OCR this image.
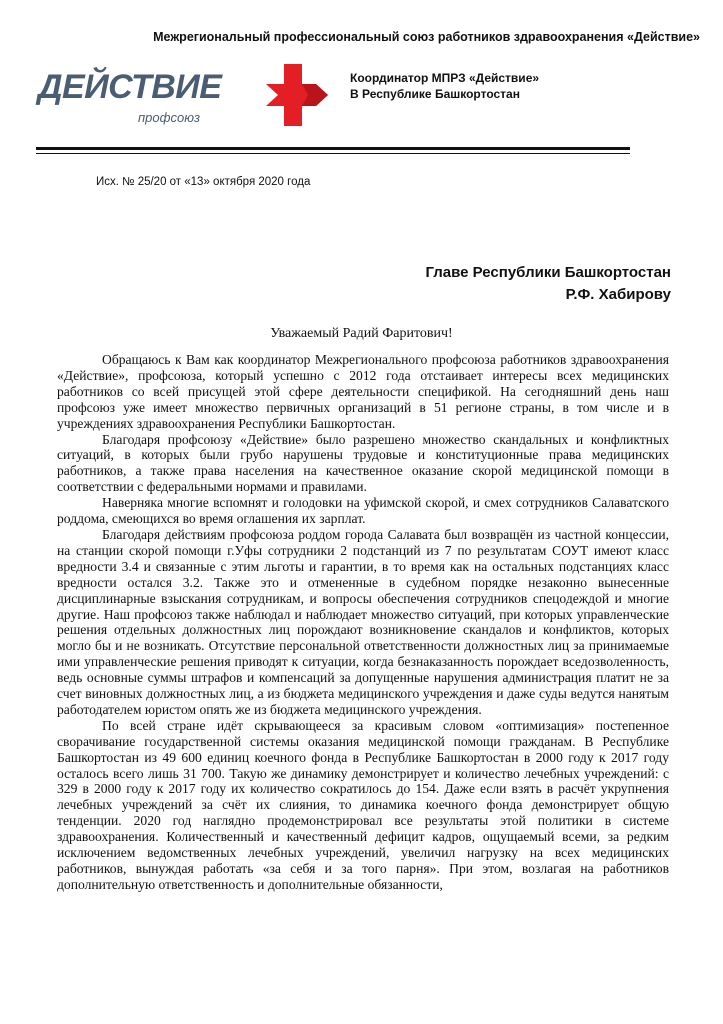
Межрегиональный профессиональный союз работников здравоохранения «Действие»
ДЕЙСТВИЕ
профсоюз
Координатор МПРЗ «Действие»
В Республике Башкортостан
Исх. № 25/20 от «13» октября 2020 года
Главе Республики Башкортостан
Р.Ф. Хабирову
Уважаемый Радий Фаритович!

Обращаюсь к Вам как координатор Межрегионального профсоюза работников здравоохранения «Действие», профсоюза, который успешно с 2012 года отстаивает интересы всех медицинских работников со всей присущей этой сфере деятельности спецификой. На сегодняшний день наш профсоюз уже имеет множество первичных организаций в 51 регионе страны, в том числе и в учреждениях здравоохранения Республики Башкортостан.

Благодаря профсоюзу «Действие» было разрешено множество скандальных и конфликтных ситуаций, в которых были грубо нарушены трудовые и конституционные права медицинских работников, а также права населения на качественное оказание скорой медицинской помощи в соответствии с федеральными нормами и правилами.

Наверняка многие вспомнят и голодовки на уфимской скорой, и смех сотрудников Салаватского роддома, смеющихся во время оглашения их зарплат.

Благодаря действиям профсоюза роддом города Салавата был возвращён из частной концессии, на станции скорой помощи г.Уфы сотрудники 2 подстанций из 7 по результатам СОУТ имеют класс вредности 3.4 и связанные с этим льготы и гарантии, в то время как на остальных подстанциях класс вредности остался 3.2. Также это и отмененные в судебном порядке незаконно вынесенные дисциплинарные взыскания сотрудникам, и вопросы обеспечения сотрудников спецодеждой и многие другие. Наш профсоюз также наблюдал и наблюдает множество ситуаций, при которых управленческие решения отдельных должностных лиц порождают возникновение скандалов и конфликтов, которых могло бы и не возникать. Отсутствие персональной ответственности должностных лиц за принимаемые ими управленческие решения приводят к ситуации, когда безнаказанность порождает вседозволенность, ведь основные суммы штрафов и компенсаций за допущенные нарушения администрация платит не за счет виновных должностных лиц, а из бюджета медицинского учреждения и даже суды ведутся нанятым работодателем юристом опять же из бюджета медицинского учреждения.

По всей стране идёт скрывающееся за красивым словом «оптимизация» постепенное сворачивание государственной системы оказания медицинской помощи гражданам. В Республике Башкортостан из 49 600 единиц коечного фонда в Республике Башкортостан в 2000 году к 2017 году осталось всего лишь 31 700. Такую же динамику демонстрирует и количество лечебных учреждений: с 329 в 2000 году к 2017 году их количество сократилось до 154. Даже если взять в расчёт укрупнения лечебных учреждений за счёт их слияния, то динамика коечного фонда демонстрирует общую тенденции. 2020 год наглядно продемонстрировал все результаты этой политики в системе здравоохранения. Количественный и качественный дефицит кадров, ощущаемый всеми, за редким исключением ведомственных лечебных учреждений, увеличил нагрузку на всех медицинских работников, вынуждая работать «за себя и за того парня». При этом, возлагая на работников дополнительную ответственность и дополнительные обязанности,
